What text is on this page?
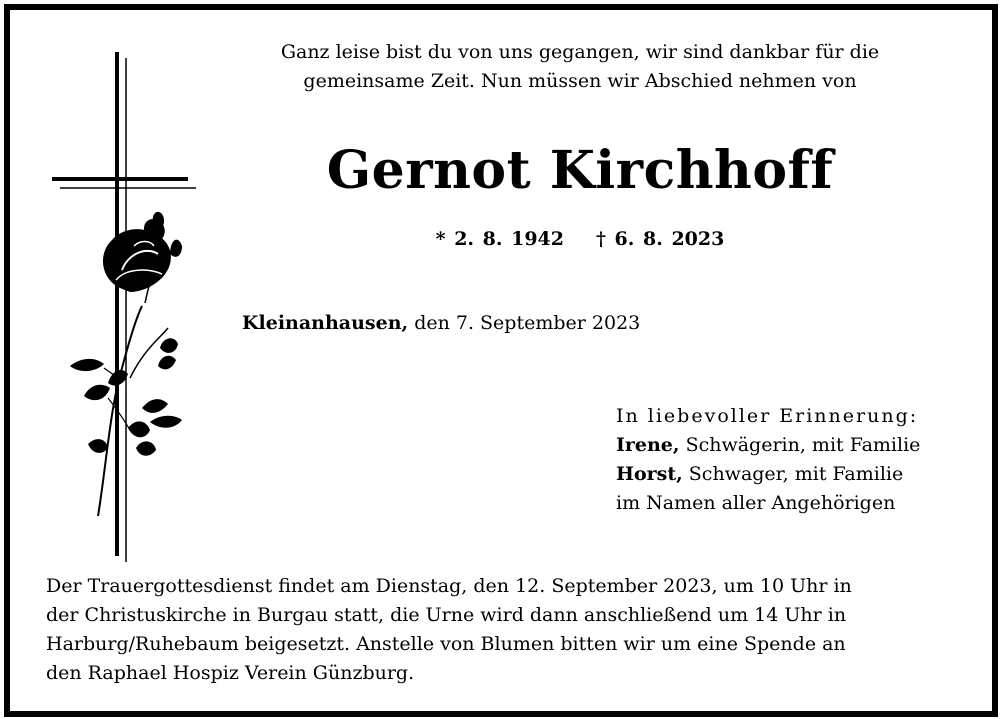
Ganz leise bist du von uns gegangen, wir sind dankbar für die
gemeinsame Zeit. Nun müssen wir Abschied nehmen von
Gernot Kirchhoff
* 2. 8. 1942 † 6. 8. 2023
Kleinanhausen, den 7. September 2023
In liebevoller Erinnerung:
Irene, Schwägerin, mit Familie
Horst, Schwager, mit Familie
im Namen aller Angehörigen
Der Trauergottesdienst findet am Dienstag, den 12. September 2023, um 10 Uhr in
der Christuskirche in Burgau statt, die Urne wird dann anschließend um 14 Uhr in
Harburg/Ruhebaum beigesetzt. Anstelle von Blumen bitten wir um eine Spende an
den Raphael Hospiz Verein Günzburg.
